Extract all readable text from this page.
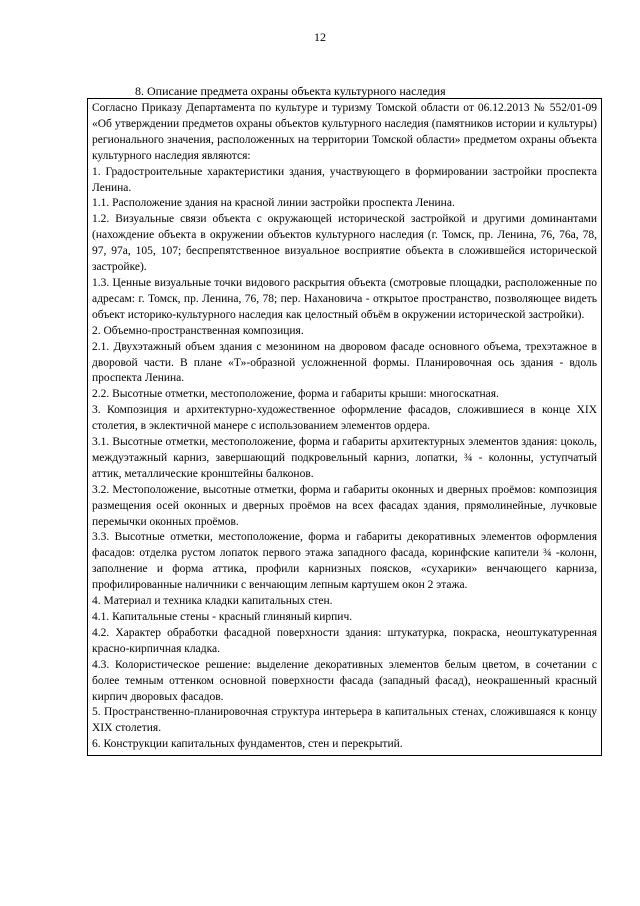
12
8. Описание предмета охраны объекта культурного наследия

Согласно Приказу Департамента по культуре и туризму Томской области от 06.12.2013 № 552/01-09 «Об утверждении предметов охраны объектов культурного наследия (памятников истории и культуры) регионального значения, расположенных на территории Томской области» предметом охраны объекта культурного наследия являются:

1. Градостроительные характеристики здания, участвующего в формировании застройки проспекта Ленина.

1.1. Расположение здания на красной линии застройки проспекта Ленина.

1.2. Визуальные связи объекта с окружающей исторической застройкой и другими доминантами (нахождение объекта в окружении объектов культурного наследия (г. Томск, пр. Ленина, 76, 76а, 78, 97, 97а, 105, 107; беспрепятственное визуальное восприятие объекта в сложившейся исторической застройке).

1.3. Ценные визуальные точки видового раскрытия объекта (смотровые площадки, расположенные по адресам: г. Томск, пр. Ленина, 76, 78; пер. Нахановича - открытое пространство, позволяющее видеть объект историко-культурного наследия как целостный объём в окружении исторической застройки).

2. Объемно-пространственная композиция.

2.1. Двухэтажный объем здания с мезонином на дворовом фасаде основного объема, трехэтажное в дворовой части. В плане «Т»-образной усложненной формы. Планировочная ось здания - вдоль проспекта Ленина.

2.2. Высотные отметки, местоположение, форма и габариты крыши: многоскатная.

3. Композиция и архитектурно-художественное оформление фасадов, сложившиеся в конце XIX столетия, в эклектичной манере с использованием элементов ордера.

3.1. Высотные отметки, местоположение, форма и габариты архитектурных элементов здания: цоколь, междуэтажный карниз, завершающий подкровельный карниз, лопатки, ¾ - колонны, уступчатый аттик, металлические кронштейны балконов.

3.2. Местоположение, высотные отметки, форма и габариты оконных и дверных проёмов: композиция размещения осей оконных и дверных проёмов на всех фасадах здания, прямолинейные, лучковые перемычки оконных проёмов.

3.3. Высотные отметки, местоположение, форма и габариты декоративных элементов оформления фасадов: отделка рустом лопаток первого этажа западного фасада, коринфские капители ¾ -колонн, заполнение и форма аттика, профили карнизных поясков, «сухарики» венчающего карниза, профилированные наличники с венчающим лепным картушем окон 2 этажа.

4. Материал и техника кладки капитальных стен.

4.1. Капитальные стены - красный глиняный кирпич.

4.2. Характер обработки фасадной поверхности здания: штукатурка, покраска, неоштукатуренная красно-кирпичная кладка.

4.3. Колористическое решение: выделение декоративных элементов белым цветом, в сочетании с более темным оттенком основной поверхности фасада (западный фасад), неокрашенный красный кирпич дворовых фасадов.

5. Пространственно-планировочная структура интерьера в капитальных стенах, сложившаяся к концу XIX столетия.

6. Конструкции капитальных фундаментов, стен и перекрытий.
